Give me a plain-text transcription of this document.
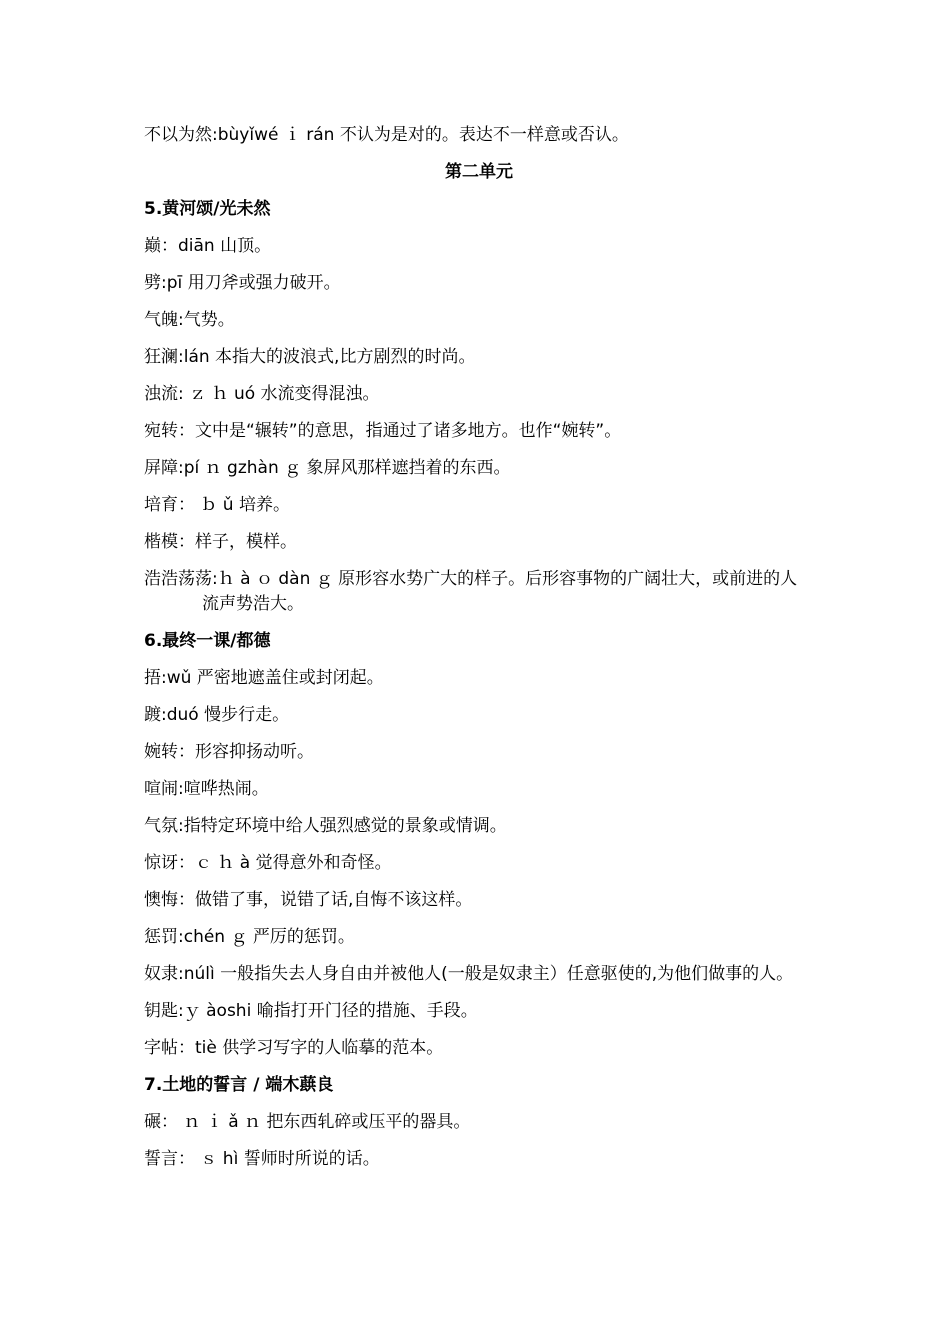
不以为然:bùyǐwé ｉ rán 不认为是对的。表达不一样意或否认。

第二单元

5.黄河颂/光未然

巅：diān 山顶。

劈:pī 用刀斧或强力破开。

气魄:气势。

狂澜:lán 本指大的波浪式,比方剧烈的时尚。

浊流: ｚ ｈ uó 水流变得混浊。

宛转：文中是“辗转”的意思，指通过了诸多地方。也作“婉转”。

屏障:pí ｎ gzhàn ｇ 象屏风那样遮挡着的东西。

培育： ｂ ǔ 培养。

楷模：样子，模样。

浩浩荡荡:ｈ à ｏ dàn ｇ 原形容水势广大的样子。后形容事物的广阔壮大，或前进的人流声势浩大。

6.最终一课/都德

捂:wǔ 严密地遮盖住或封闭起。

踱:duó 慢步行走。

婉转：形容抑扬动听。

喧闹:喧哗热闹。

气氛:指特定环境中给人强烈感觉的景象或情调。

惊讶：ｃ ｈ à 觉得意外和奇怪。

懊悔：做错了事，说错了话,自悔不该这样。

惩罚:chén ｇ 严厉的惩罚。

奴隶:núlì 一般指失去人身自由并被他人(一般是奴隶主）任意驱使的,为他们做事的人。

钥匙:ｙ àoshi 喻指打开门径的措施、手段。

字帖：tiè 供学习写字的人临摹的范本。

7.土地的誓言 / 端木蕻良

碾： ｎ ｉ ǎ ｎ 把东西轧碎或压平的器具。

誓言： ｓ hì 誓师时所说的话。
